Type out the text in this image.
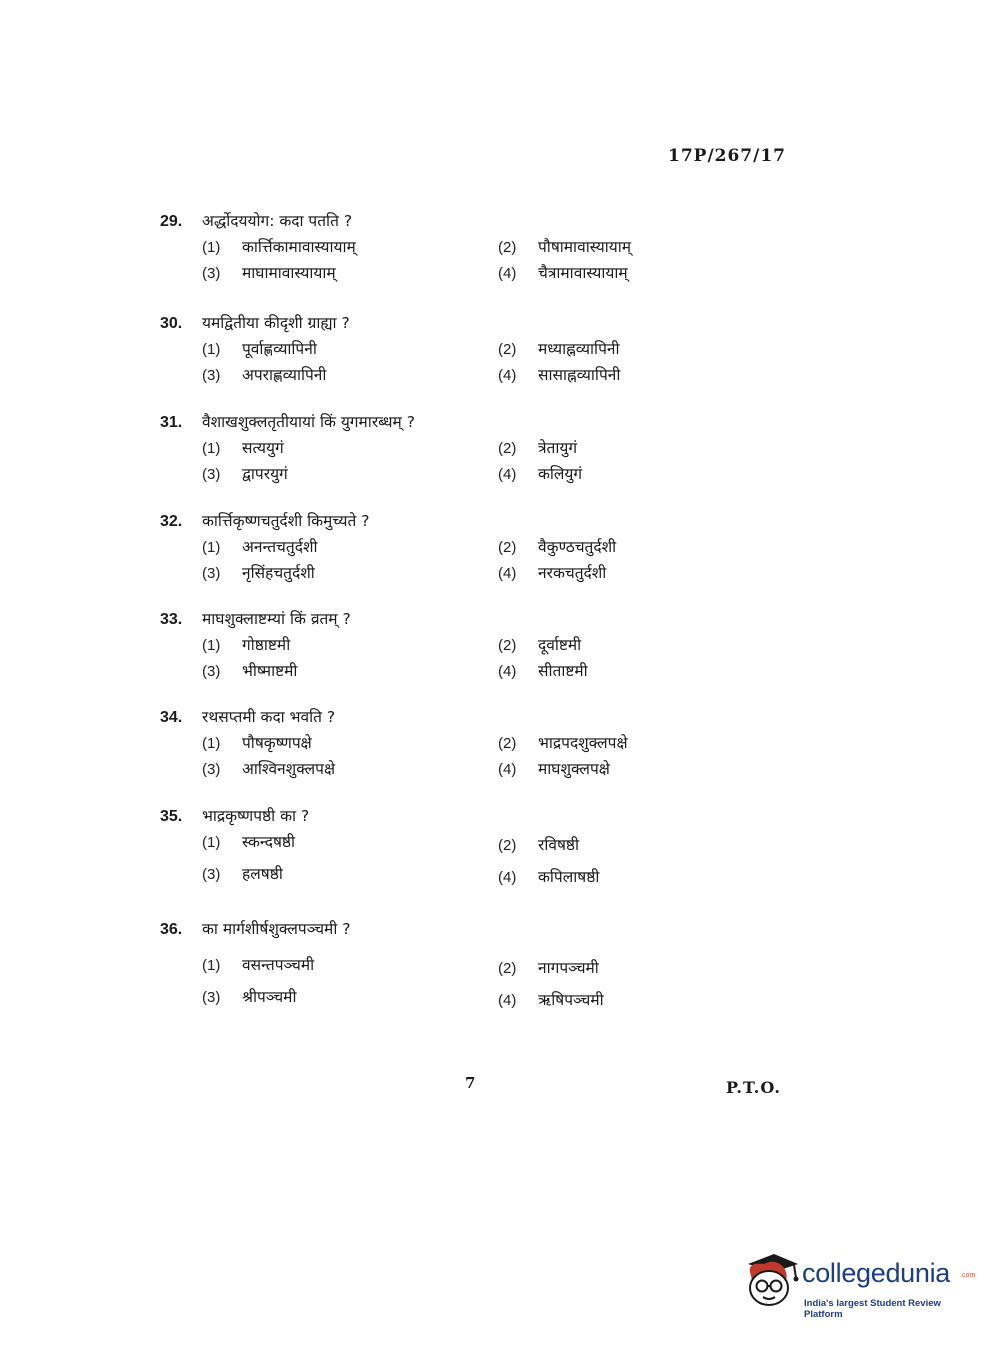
17P/267/17
29. अर्द्धोदययोग: कदा पतति ?
(1) कार्त्तिकामावास्यायाम्	(2) पौषामावास्यायाम्
(3) माघामावास्यायाम्	(4) चैत्रामावास्यायाम्
30. यमद्वितीया कीदृशी ग्राह्या ?
(1) पूर्वाह्णव्यापिनी	(2) मध्याह्नव्यापिनी
(3) अपराह्णव्यापिनी	(4) सासाह्नव्यापिनी
31. वैशाखशुक्लतृतीयायां किं युगमारब्धम् ?
(1) सत्ययुगं	(2) त्रेतायुगं
(3) द्वापरयुगं	(4) कलियुगं
32. कार्त्तिकृष्णचतुर्दशी किमुच्यते ?
(1) अनन्तचतुर्दशी	(2) वैकुण्ठचतुर्दशी
(3) नृसिंहचतुर्दशी	(4) नरकचतुर्दशी
33. माघशुक्लाष्टम्यां किं व्रतम् ?
(1) गोष्ठाष्टमी	(2) दूर्वाष्टमी
(3) भीष्माष्टमी	(4) सीताष्टमी
34. रथसप्तमी कदा भवति ?
(1) पौषकृष्णपक्षे	(2) भाद्रपदशुक्लपक्षे
(3) आश्विनशुक्लपक्षे	(4) माघशुक्लपक्षे
35. भाद्रकृष्णपष्ठी का ?
(1) स्कन्दषष्ठी	(2) रविषष्ठी
(3) हलषष्ठी	(4) कपिलाषष्ठी
36. का मार्गशीर्षशुक्लपञ्चमी ?
(1) वसन्तपञ्चमी	(2) नागपञ्चमी
(3) श्रीपञ्चमी	(4) ऋषिपञ्चमी
7	P.T.O.
collegedunia .com
India's largest Student Review Platform
